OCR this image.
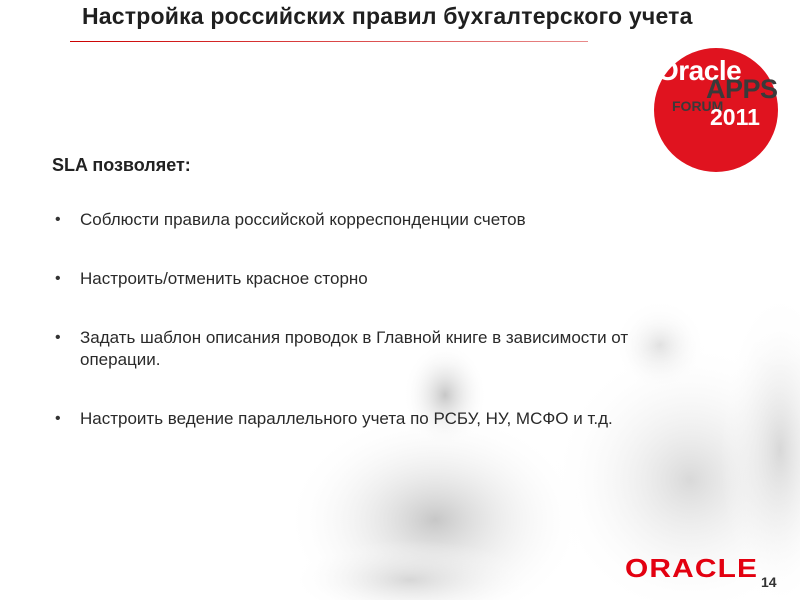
Настройка российских правил бухгалтерского учета
Oracle
APPS
FORUM
2011
SLA позволяет:
• Соблюсти правила российской корреспонденции счетов
• Настроить/отменить красное сторно
• Задать шаблон описания проводок в Главной книге в зависимости от операции.
• Настроить ведение параллельного учета по РСБУ, НУ, МСФО и т.д.
ORACLE 14
